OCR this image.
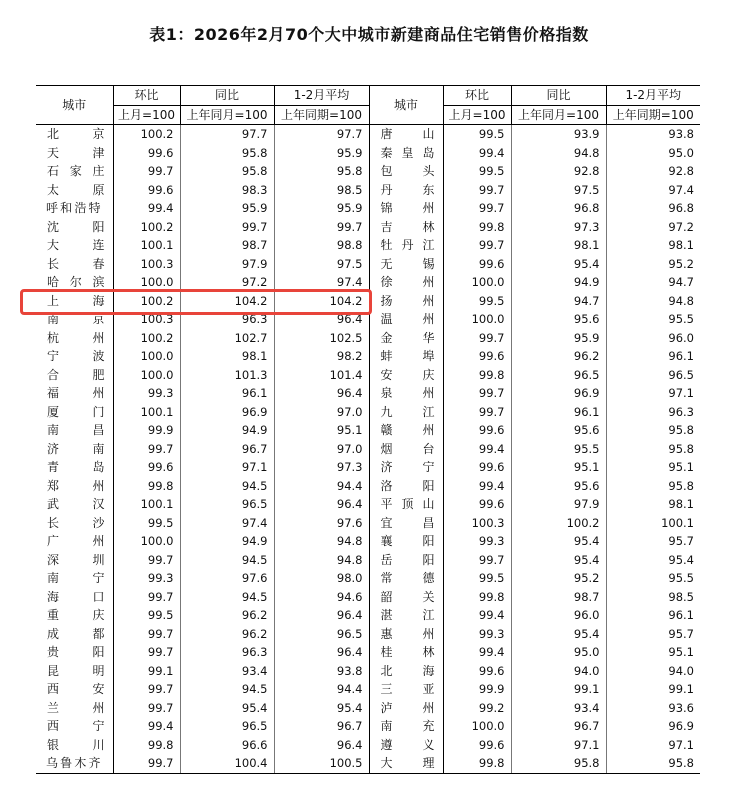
表1：2026年2月70个大中城市新建商品住宅销售价格指数
城市	环比	同比	1-2月平均	城市	环比	同比	1-2月平均
	上月=100	上年同月=100	上年同期=100		上月=100	上年同月=100	上年同期=100
北京	100.2	97.7	97.7	唐山	99.5	93.9	93.8
天津	99.6	95.8	95.9	秦皇岛	99.4	94.8	95.0
石家庄	99.7	95.8	95.8	包头	99.5	92.8	92.8
太原	99.6	98.3	98.5	丹东	99.7	97.5	97.4
呼和浩特	99.4	95.9	95.9	锦州	99.7	96.8	96.8
沈阳	100.2	99.7	99.7	吉林	99.8	97.3	97.2
大连	100.1	98.7	98.8	牡丹江	99.7	98.1	98.1
长春	100.3	97.9	97.5	无锡	99.6	95.4	95.2
哈尔滨	100.0	97.2	97.4	徐州	100.0	94.9	94.7
上海	100.2	104.2	104.2	扬州	99.5	94.7	94.8
南京	100.3	96.3	96.4	温州	100.0	95.6	95.5
杭州	100.2	102.7	102.5	金华	99.7	95.9	96.0
宁波	100.0	98.1	98.2	蚌埠	99.6	96.2	96.1
合肥	100.0	101.3	101.4	安庆	99.8	96.5	96.5
福州	99.3	96.1	96.4	泉州	99.7	96.9	97.1
厦门	100.1	96.9	97.0	九江	99.7	96.1	96.3
南昌	99.9	94.9	95.1	赣州	99.6	95.6	95.8
济南	99.7	96.7	97.0	烟台	99.4	95.5	95.8
青岛	99.6	97.1	97.3	济宁	99.6	95.1	95.1
郑州	99.8	94.5	94.4	洛阳	99.4	95.6	95.8
武汉	100.1	96.5	96.4	平顶山	99.6	97.9	98.1
长沙	99.5	97.4	97.6	宜昌	100.3	100.2	100.1
广州	100.0	94.9	94.8	襄阳	99.3	95.4	95.7
深圳	99.7	94.5	94.8	岳阳	99.7	95.4	95.4
南宁	99.3	97.6	98.0	常德	99.5	95.2	95.5
海口	99.7	94.5	94.6	韶关	99.8	98.7	98.5
重庆	99.5	96.2	96.4	湛江	99.4	96.0	96.1
成都	99.7	96.2	96.5	惠州	99.3	95.4	95.7
贵阳	99.7	96.3	96.4	桂林	99.4	95.0	95.1
昆明	99.1	93.4	93.8	北海	99.6	94.0	94.0
西安	99.7	94.5	94.4	三亚	99.9	99.1	99.1
兰州	99.7	95.4	95.4	泸州	99.2	93.4	93.6
西宁	99.4	96.5	96.7	南充	100.0	96.7	96.9
银川	99.8	96.6	96.4	遵义	99.6	97.1	97.1
乌鲁木齐	99.7	100.4	100.5	大理	99.8	95.8	95.8
